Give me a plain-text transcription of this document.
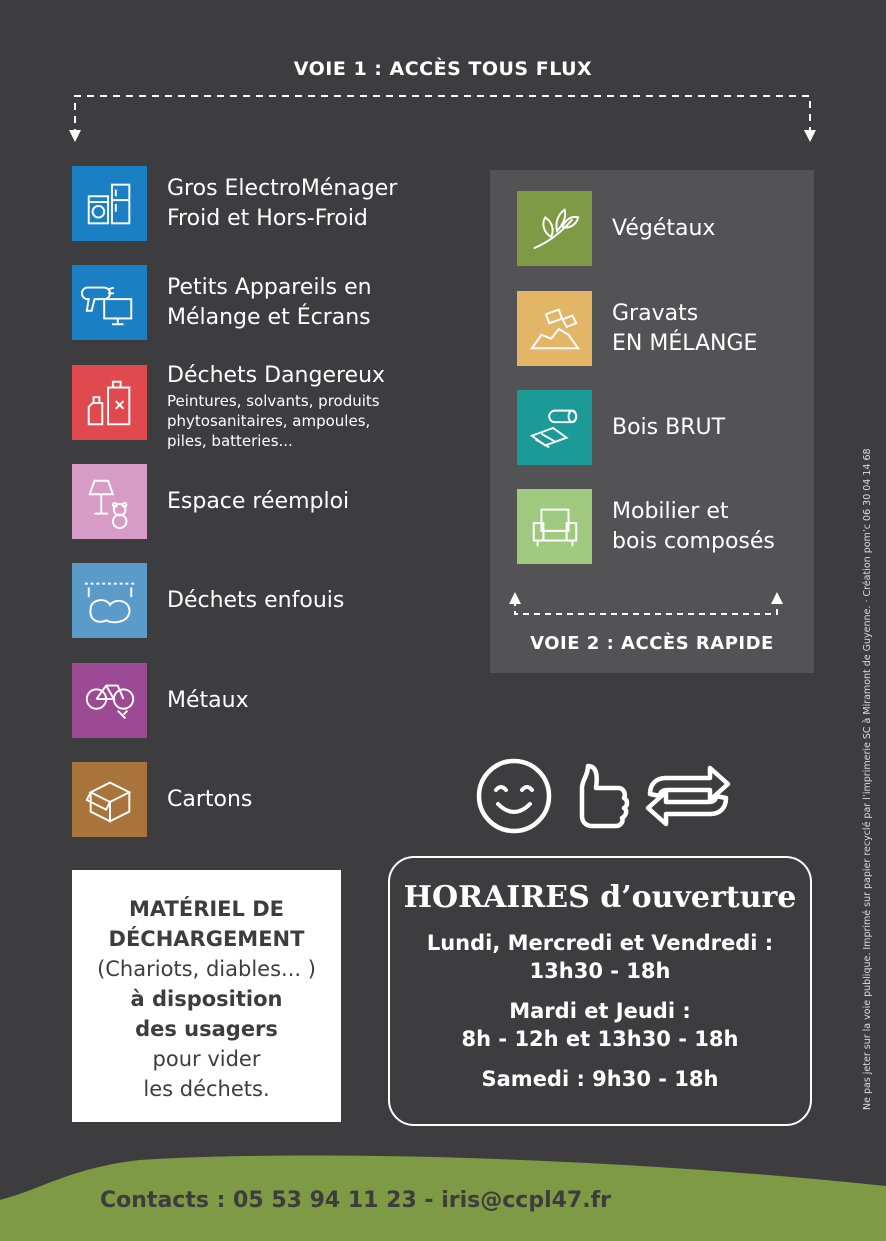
VOIE 1 : ACCÈS TOUS FLUX
Gros ElectroMénager
Froid et Hors-Froid
Petits Appareils en
Mélange et Écrans
Déchets Dangereux
Peintures, solvants, produits
phytosanitaires, ampoules,
piles, batteries...
Espace réemploi
Déchets enfouis
Métaux
Cartons
Végétaux
Gravats
EN MÉLANGE
Bois BRUT
Mobilier et
bois composés
VOIE 2 : ACCÈS RAPIDE
MATÉRIEL DE
DÉCHARGEMENT
(Chariots, diables... )
à disposition
des usagers
pour vider
les déchets.
HORAIRES d’ouverture
Lundi, Mercredi et Vendredi :
13h30 - 18h
Mardi et Jeudi :
8h - 12h et 13h30 - 18h
Samedi : 9h30 - 18h	Ne pas jeter sur la voie publique. Imprimé sur papier recyclé par l’imprimerie SC à Miramont de Guyenne. · Création pom’c 06 30 04 14 68
Contacts : 05 53 94 11 23 - iris@ccpl47.fr
